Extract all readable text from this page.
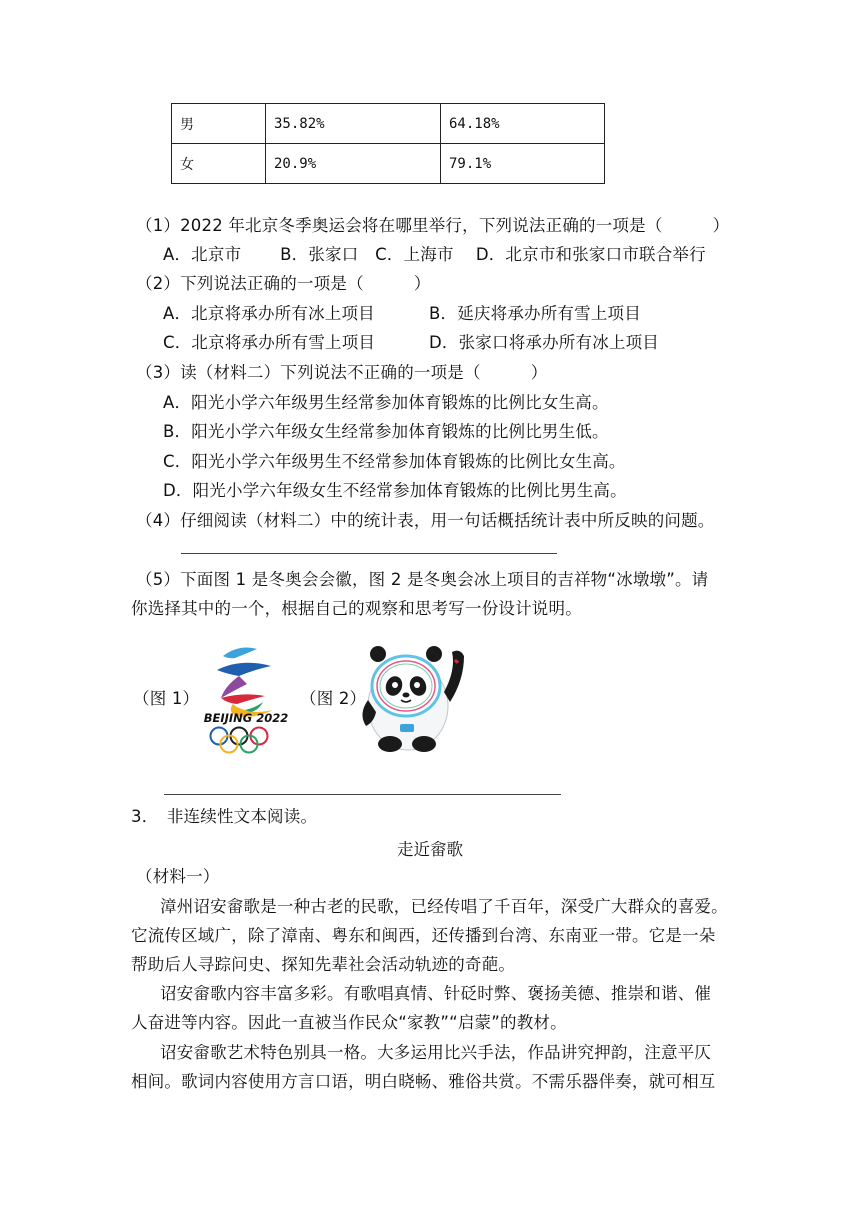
男	35.82%	64.18%
女	20.9%	79.1%
（1）2022 年北京冬季奥运会将在哪里举行，下列说法正确的一项是（　　　）
A．北京市　　 B．张家口　C．上海市　 D．北京市和张家口市联合举行
（2）下列说法正确的一项是（　　　）
A．北京将承办所有冰上项目	B．延庆将承办所有雪上项目
C．北京将承办所有雪上项目	D．张家口将承办所有冰上项目
（3）读（材料二）下列说法不正确的一项是（　　　）
A．阳光小学六年级男生经常参加体育锻炼的比例比女生高。
B．阳光小学六年级女生经常参加体育锻炼的比例比男生低。
C．阳光小学六年级男生不经常参加体育锻炼的比例比女生高。
D．阳光小学六年级女生不经常参加体育锻炼的比例比男生高。
（4）仔细阅读（材料二）中的统计表，用一句话概括统计表中所反映的问题。
（5）下面图 1 是冬奥会会徽，图 2 是冬奥会冰上项目的吉祥物“冰墩墩”。请
你选择其中的一个，根据自己的观察和思考写一份设计说明。
（图 1）
BEIJING 2022
（图 2）
3．　非连续性文本阅读。
走近畲歌
（材料一）
漳州诏安畲歌是一种古老的民歌，已经传唱了千百年，深受广大群众的喜爱。
它流传区域广，除了漳南、粤东和闽西，还传播到台湾、东南亚一带。它是一朵
帮助后人寻踪问史、探知先辈社会活动轨迹的奇葩。
诏安畲歌内容丰富多彩。有歌唱真情、针砭时弊、褒扬美德、推崇和谐、催
人奋进等内容。因此一直被当作民众“家教”“启蒙”的教材。
诏安畲歌艺术特色别具一格。大多运用比兴手法，作品讲究押韵，注意平仄
相间。歌词内容使用方言口语，明白晓畅、雅俗共赏。不需乐器伴奏，就可相互
